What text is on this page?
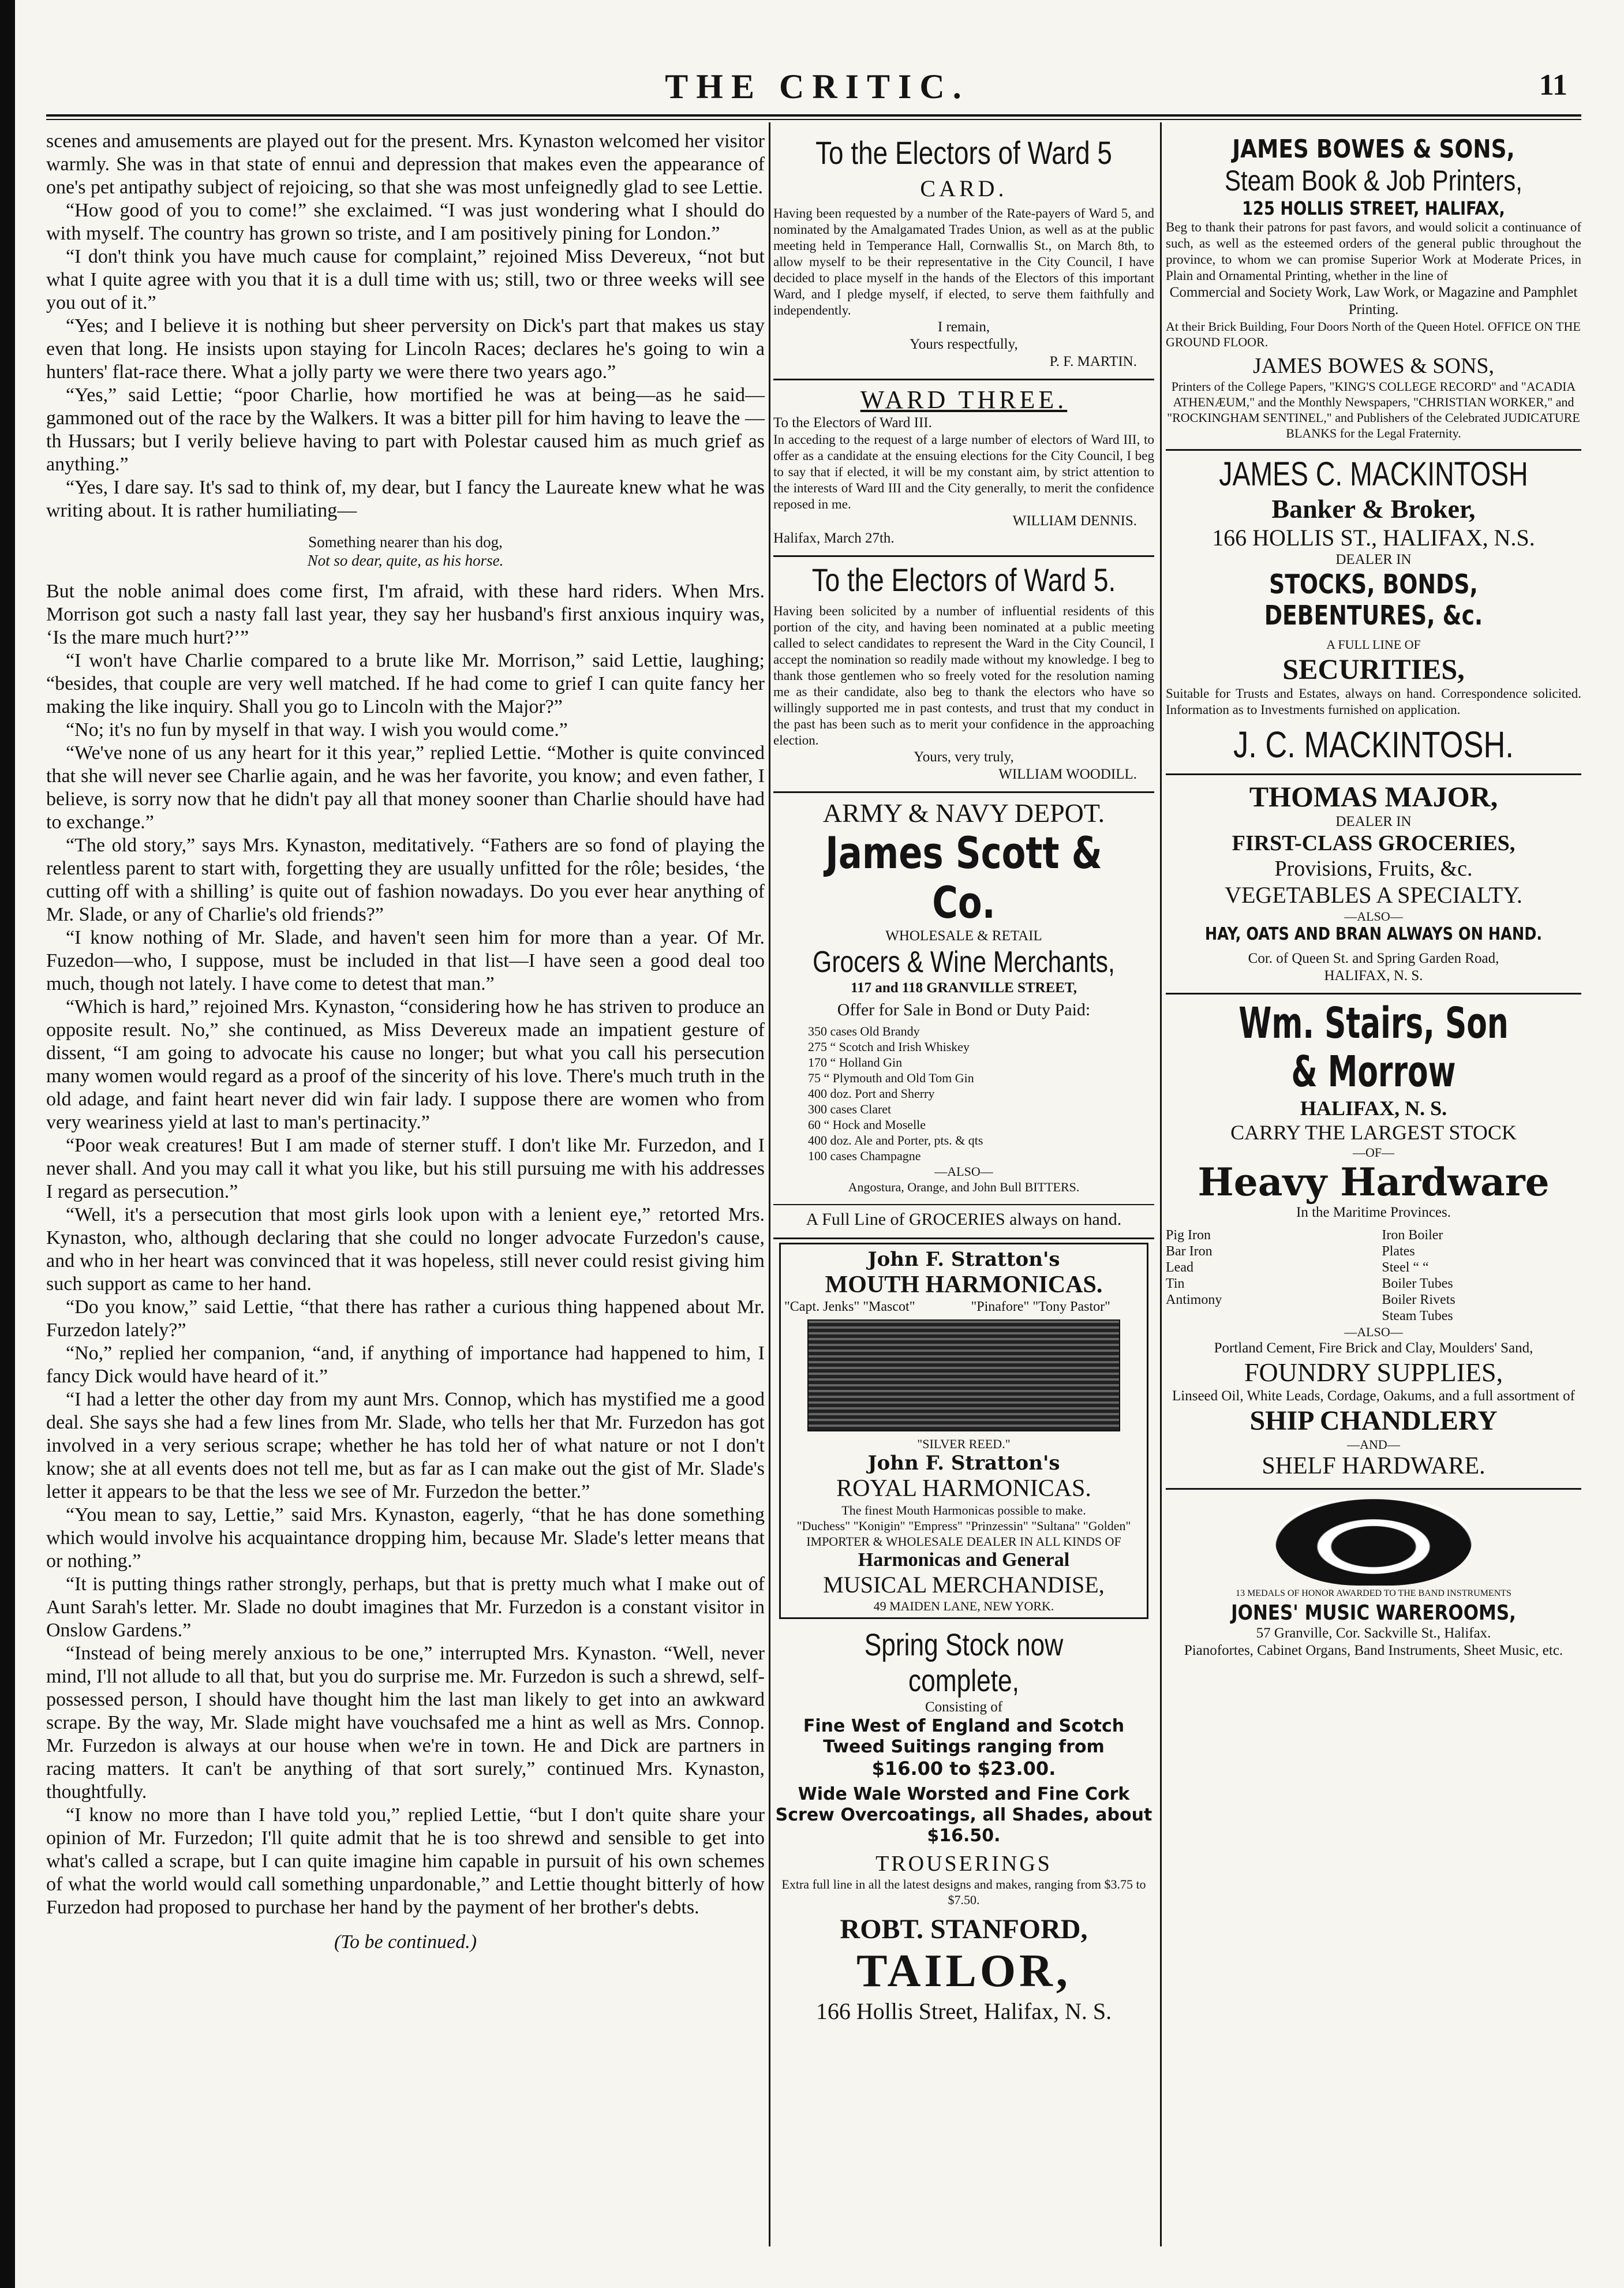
THE CRITIC.	11

scenes and amusements are played out for the present. Mrs. Kynaston welcomed her visitor warmly. She was in that state of ennui and depression that makes even the appearance of one's pet antipathy subject of rejoicing, so that she was most unfeignedly glad to see Lettie.

“How good of you to come!” she exclaimed. “I was just wondering what I should do with myself. The country has grown so triste, and I am positively pining for London.”

“I don't think you have much cause for complaint,” rejoined Miss Devereux, “not but what I quite agree with you that it is a dull time with us; still, two or three weeks will see you out of it.”

“Yes; and I believe it is nothing but sheer perversity on Dick's part that makes us stay even that long. He insists upon staying for Lincoln Races; declares he's going to win a hunters' flat-race there. What a jolly party we were there two years ago.”

“Yes,” said Lettie; “poor Charlie, how mortified he was at being—as he said—gammoned out of the race by the Walkers. It was a bitter pill for him having to leave the —th Hussars; but I verily believe having to part with Polestar caused him as much grief as anything.”

“Yes, I dare say. It's sad to think of, my dear, but I fancy the Laureate knew what he was writing about. It is rather humiliating—

Something nearer than his dog,
Not so dear, quite, as his horse.

But the noble animal does come first, I'm afraid, with these hard riders. When Mrs. Morrison got such a nasty fall last year, they say her husband's first anxious inquiry was, ‘Is the mare much hurt?’”

“I won't have Charlie compared to a brute like Mr. Morrison,” said Lettie, laughing; “besides, that couple are very well matched. If he had come to grief I can quite fancy her making the like inquiry. Shall you go to Lincoln with the Major?”

“No; it's no fun by myself in that way. I wish you would come.”

“We've none of us any heart for it this year,” replied Lettie. “Mother is quite convinced that she will never see Charlie again, and he was her favorite, you know; and even father, I believe, is sorry now that he didn't pay all that money sooner than Charlie should have had to exchange.”

“The old story,” says Mrs. Kynaston, meditatively. “Fathers are so fond of playing the relentless parent to start with, forgetting they are usually unfitted for the rôle; besides, ‘the cutting off with a shilling’ is quite out of fashion nowadays. Do you ever hear anything of Mr. Slade, or any of Charlie's old friends?”

“I know nothing of Mr. Slade, and haven't seen him for more than a year. Of Mr. Fuzedon—who, I suppose, must be included in that list—I have seen a good deal too much, though not lately. I have come to detest that man.”

“Which is hard,” rejoined Mrs. Kynaston, “considering how he has striven to produce an opposite result. No,” she continued, as Miss Devereux made an impatient gesture of dissent, “I am going to advocate his cause no longer; but what you call his persecution many women would regard as a proof of the sincerity of his love. There's much truth in the old adage, and faint heart never did win fair lady. I suppose there are women who from very weariness yield at last to man's pertinacity.”

“Poor weak creatures! But I am made of sterner stuff. I don't like Mr. Furzedon, and I never shall. And you may call it what you like, but his still pursuing me with his addresses I regard as persecution.”

“Well, it's a persecution that most girls look upon with a lenient eye,” retorted Mrs. Kynaston, who, although declaring that she could no longer advocate Furzedon's cause, and who in her heart was convinced that it was hopeless, still never could resist giving him such support as came to her hand.

“Do you know,” said Lettie, “that there has rather a curious thing happened about Mr. Furzedon lately?”

“No,” replied her companion, “and, if anything of importance had happened to him, I fancy Dick would have heard of it.”

“I had a letter the other day from my aunt Mrs. Connop, which has mystified me a good deal. She says she had a few lines from Mr. Slade, who tells her that Mr. Furzedon has got involved in a very serious scrape; whether he has told her of what nature or not I don't know; she at all events does not tell me, but as far as I can make out the gist of Mr. Slade's letter it appears to be that the less we see of Mr. Furzedon the better.”

“You mean to say, Lettie,” said Mrs. Kynaston, eagerly, “that he has done something which would involve his acquaintance dropping him, because Mr. Slade's letter means that or nothing.”

“It is putting things rather strongly, perhaps, but that is pretty much what I make out of Aunt Sarah's letter. Mr. Slade no doubt imagines that Mr. Furzedon is a constant visitor in Onslow Gardens.”

“Instead of being merely anxious to be one,” interrupted Mrs. Kynaston. “Well, never mind, I'll not allude to all that, but you do surprise me. Mr. Furzedon is such a shrewd, self-possessed person, I should have thought him the last man likely to get into an awkward scrape. By the way, Mr. Slade might have vouchsafed me a hint as well as Mrs. Connop. Mr. Furzedon is always at our house when we're in town. He and Dick are partners in racing matters. It can't be anything of that sort surely,” continued Mrs. Kynaston, thoughtfully.

“I know no more than I have told you,” replied Lettie, “but I don't quite share your opinion of Mr. Furzedon; I'll quite admit that he is too shrewd and sensible to get into what's called a scrape, but I can quite imagine him capable in pursuit of his own schemes of what the world would call something unpardonable,” and Lettie thought bitterly of how Furzedon had proposed to purchase her hand by the payment of her brother's debts.

(To be continued.)
To the Electors of Ward 5
CARD.
Having been requested by a number of the Rate-payers of Ward 5, and nominated by the Amalgamated Trades Union, as well as at the public meeting held in Temperance Hall, Cornwallis St., on March 8th, to allow myself to be their representative in the City Council, I have decided to place myself in the hands of the Electors of this important Ward, and I pledge myself, if elected, to serve them faithfully and independently.
I remain,
Yours respectfully,
P. F. MARTIN.
WARD THREE.
To the Electors of Ward III.
In acceding to the request of a large number of electors of Ward III, to offer as a candidate at the ensuing elections for the City Council, I beg to say that if elected, it will be my constant aim, by strict attention to the interests of Ward III and the City generally, to merit the confidence reposed in me.
WILLIAM DENNIS.
Halifax, March 27th.
To the Electors of Ward 5.
Having been solicited by a number of influential residents of this portion of the city, and having been nominated at a public meeting called to select candidates to represent the Ward in the City Council, I accept the nomination so readily made without my knowledge. I beg to thank those gentlemen who so freely voted for the resolution naming me as their candidate, also beg to thank the electors who have so willingly supported me in past contests, and trust that my conduct in the past has been such as to merit your confidence in the approaching election.
Yours, very truly,
WILLIAM WOODILL.
ARMY & NAVY DEPOT.
James Scott & Co.
WHOLESALE & RETAIL
Grocers & Wine Merchants,
117 and 118 GRANVILLE STREET,
Offer for Sale in Bond or Duty Paid:
350 cases Old Brandy
275 “ Scotch and Irish Whiskey
170 “ Holland Gin
75 “ Plymouth and Old Tom Gin
400 doz. Port and Sherry
300 cases Claret
60 “ Hock and Moselle
400 doz. Ale and Porter, pts. & qts
100 cases Champagne
—ALSO—
Angostura, Orange, and John Bull BITTERS.
A Full Line of GROCERIES always on hand.
John F. Stratton's
MOUTH HARMONICAS.
"Capt. Jenks" "Mascot"	"Pinafore" "Tony Pastor"
"SILVER REED."
John F. Stratton's
ROYAL HARMONICAS.
The finest Mouth Harmonicas possible to make.
"Duchess" "Konigin" "Empress" "Prinzessin" "Sultana" "Golden"
IMPORTER & WHOLESALE DEALER IN ALL KINDS OF
Harmonicas and General
MUSICAL MERCHANDISE,
49 MAIDEN LANE, NEW YORK.
Spring Stock now complete,
Consisting of
Fine West of England and Scotch Tweed Suitings ranging from
$16.00 to $23.00.
Wide Wale Worsted and Fine Cork Screw Overcoatings, all Shades, about $16.50.
TROUSERINGS
Extra full line in all the latest designs and makes, ranging from $3.75 to $7.50.
ROBT. STANFORD,
TAILOR,
166 Hollis Street, Halifax, N. S.
JAMES BOWES & SONS,
Steam Book & Job Printers,
125 HOLLIS STREET, HALIFAX,
Beg to thank their patrons for past favors, and would solicit a continuance of such, as well as the esteemed orders of the general public throughout the province, to whom we can promise Superior Work at Moderate Prices, in Plain and Ornamental Printing, whether in the line of
Commercial and Society Work, Law Work, or Magazine and Pamphlet Printing.
At their Brick Building, Four Doors North of the Queen Hotel. OFFICE ON THE GROUND FLOOR.
JAMES BOWES & SONS,
Printers of the College Papers, "KING'S COLLEGE RECORD" and "ACADIA ATHENÆUM," and the Monthly Newspapers, "CHRISTIAN WORKER," and "ROCKINGHAM SENTINEL," and Publishers of the Celebrated JUDICATURE BLANKS for the Legal Fraternity.
JAMES C. MACKINTOSH
Banker & Broker,
166 HOLLIS ST., HALIFAX, N.S.
DEALER IN
STOCKS, BONDS, DEBENTURES, &c.
A FULL LINE OF
SECURITIES,
Suitable for Trusts and Estates, always on hand. Correspondence solicited. Information as to Investments furnished on application.
J. C. MACKINTOSH.
THOMAS MAJOR,
DEALER IN
FIRST-CLASS GROCERIES,
Provisions, Fruits, &c.
VEGETABLES A SPECIALTY.
—ALSO—
HAY, OATS AND BRAN ALWAYS ON HAND.
Cor. of Queen St. and Spring Garden Road,
HALIFAX, N. S.
Wm. Stairs, Son & Morrow
HALIFAX, N. S.
CARRY THE LARGEST STOCK
—OF—
Heavy Hardware
In the Maritime Provinces.
Pig Iron
Bar Iron
Lead
Tin
Antimony
Iron Boiler Plates
Steel “ “
Boiler Tubes
Boiler Rivets
Steam Tubes
—ALSO—
Portland Cement, Fire Brick and Clay, Moulders' Sand,
FOUNDRY SUPPLIES,
Linseed Oil, White Leads, Cordage, Oakums, and a full assortment of
SHIP CHANDLERY
—AND—
SHELF HARDWARE.
13 MEDALS OF HONOR AWARDED TO THE BAND INSTRUMENTS
JONES' MUSIC WAREROOMS,
57 Granville, Cor. Sackville St., Halifax.
Pianofortes, Cabinet Organs, Band Instruments, Sheet Music, etc.
